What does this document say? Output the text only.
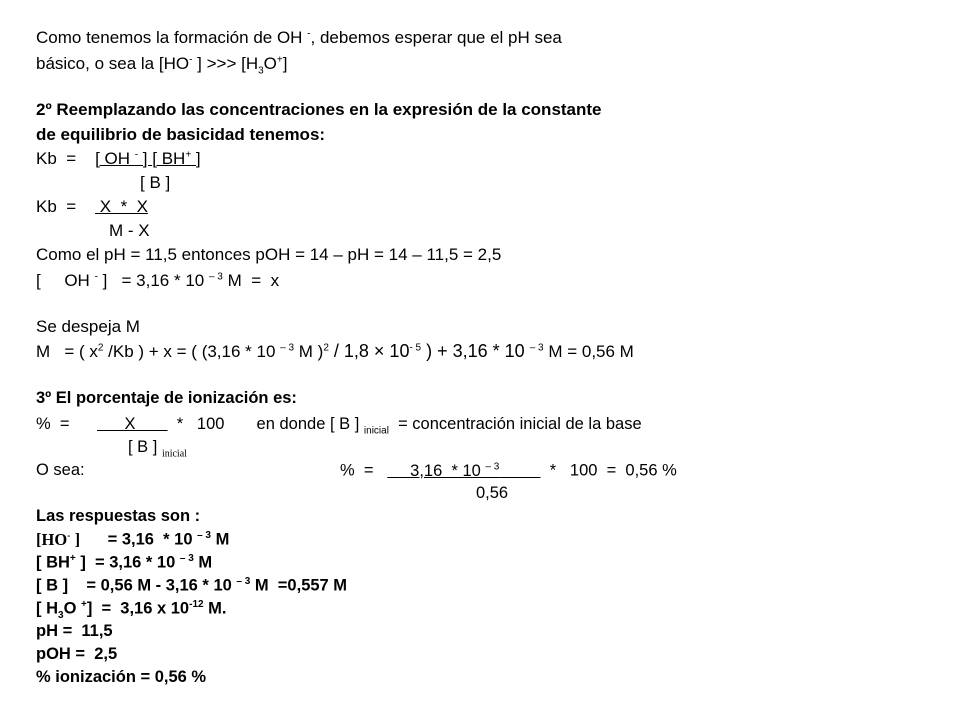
Como tenemos la formación de OH -, debemos esperar que el pH sea
básico, o sea la [HO- ] >>> $[H_3O^+]$
2º Reemplazando las concentraciones en la expresión de la constante
de equilibrio de basicidad tenemos:
Kb  =    [ OH - ] [ BH+ ]
[ B ]
Kb  =     X  *  X
M - X
Como el pH = 11,5 entonces pOH = 14 – pH = 14 – 11,5 = 2,5
[     OH - ]   = 3,16 * 10 $^{- 3}$ M  =  x
Se despeja M
M   = ( $x^2$ /Kb ) + x = ( (3,16 * 10 $^{- 3}$ M )$^2 / 1,8 \times 10^{- 5}$ ) + 3,16 * 10 $^{- 3}$ M = 0,56 M
3º El porcentaje de ionización es:
%  =            X         *   100       en donde [ B ] $_{inicial}$  = concentración inicial de la base
[ B ] $_{inicial}$
O sea:	%  =        3,16  * 10 $^{- 3}$	*   100  =  0,56 %
0,56
Las respuestas son :
[HO- ]      = 3,16  * 10 $^{- 3}$ M
[ BH+ ]  = 3,16 * 10 $^{- 3}$ M
[ B ]    = 0,56 M - 3,16 * 10 $^{- 3}$ M  =0,557 M
[ $H_3O$ +]  =  3,16 x $10^{-12}$ M.
pH =  11,5
pOH =  2,5
% ionización = 0,56 %
